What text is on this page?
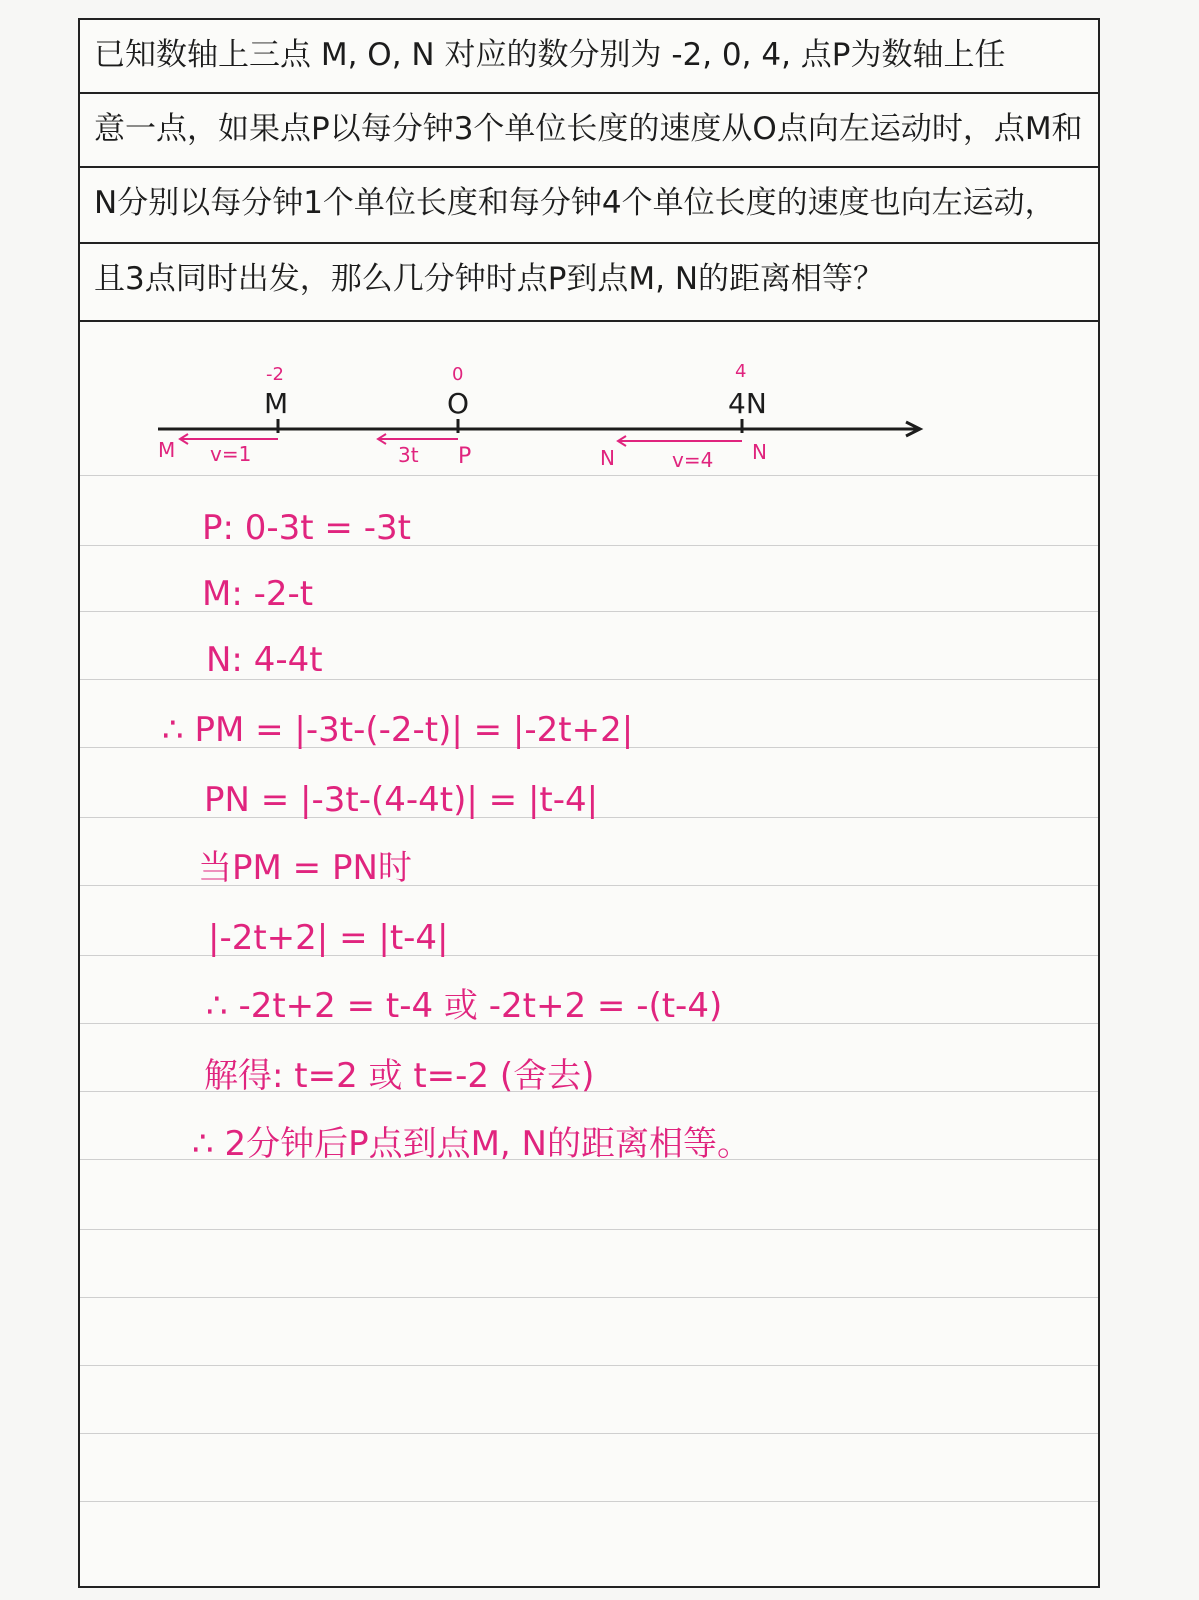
已知数轴上三点 M, O, N 对应的数分别为 -2, 0, 4, 点P为数轴上任
意一点，如果点P以每分钟3个单位长度的速度从O点向左运动时，点M和
N分别以每分钟1个单位长度和每分钟4个单位长度的速度也向左运动，
且3点同时出发，那么几分钟时点P到点M, N的距离相等？
-2
M
0
O
4
4N
M v=1	3t P	N	v=4 N
P: 0-3t = -3t
M: -2-t
N: 4-4t
∴ PM = |-3t-(-2-t)| = |-2t+2|
PN = |-3t-(4-4t)| = |t-4|
当PM = PN时
|-2t+2| = |t-4|
∴ -2t+2 = t-4 或 -2t+2 = -(t-4)
解得: t=2 或 t=-2 (舍去)
∴ 2分钟后P点到点M, N的距离相等。
